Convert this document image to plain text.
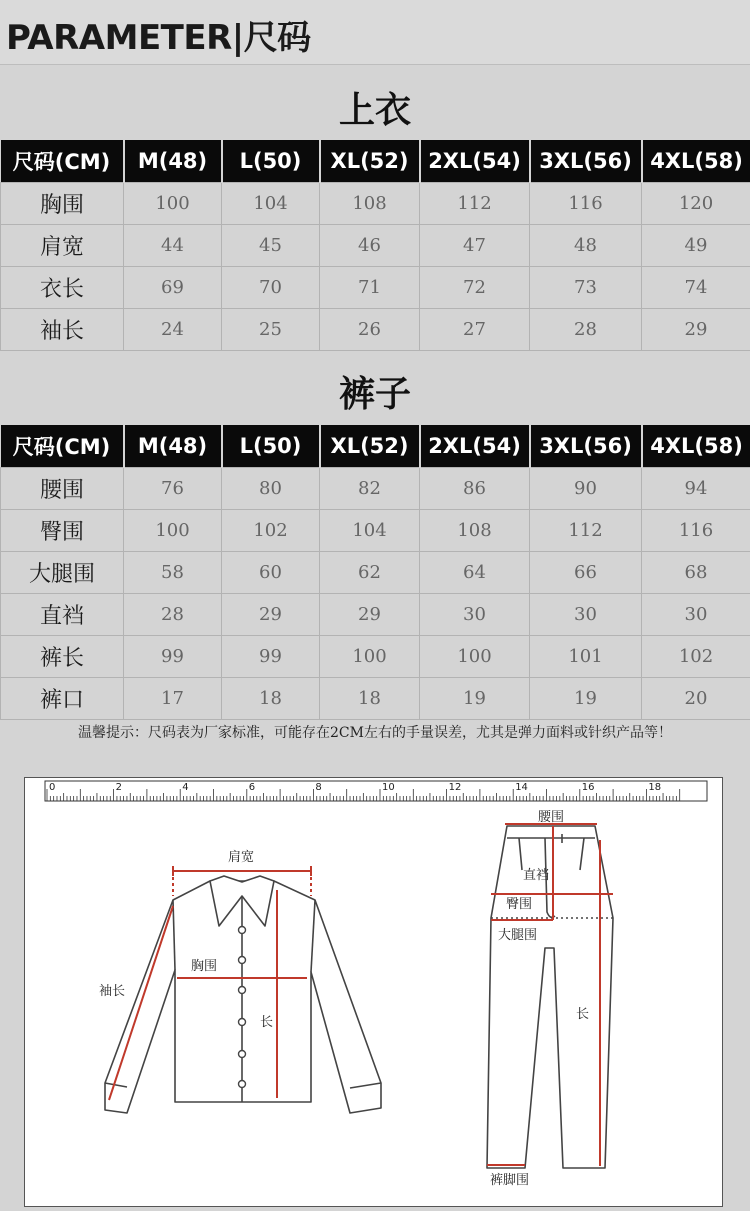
PARAMETER|尺码
上衣
尺码(CM)	M(48)	L(50)	XL(52)	2XL(54)	3XL(56)	4XL(58)
胸围	100	104	108	112	116	120
肩宽	44	45	46	47	48	49
衣长	69	70	71	72	73	74
袖长	24	25	26	27	28	29
裤子
尺码(CM)	M(48)	L(50)	XL(52)	2XL(54)	3XL(56)	4XL(58)
腰围	76	80	82	86	90	94
臀围	100	102	104	108	112	116
大腿围	58	60	62	64	66	68
直裆	28	29	29	30	30	30
裤长	99	99	100	100	101	102
裤口	17	18	18	19	19	20
温馨提示：尺码表为厂家标准，可能存在2CM左右的手量误差，尤其是弹力面料或针织产品等！
0	2	4	6	8	10	12	14	16	18
肩宽
胸围
袖长
长
腰围
直裆
臀围
大腿围
长
裤脚围
